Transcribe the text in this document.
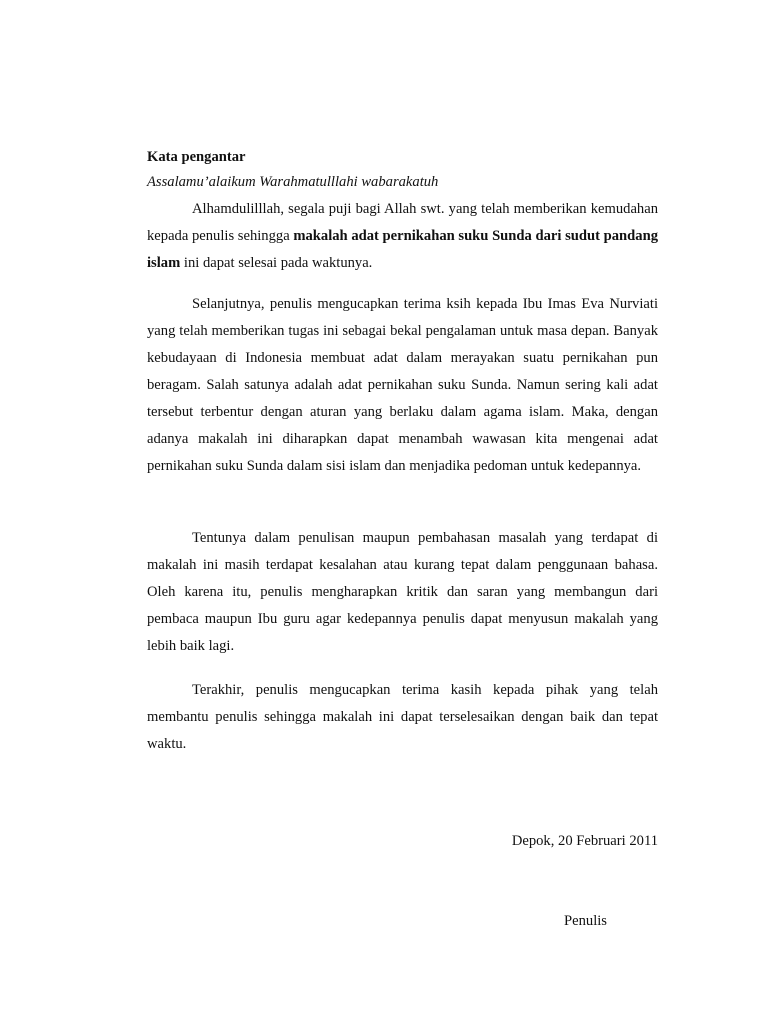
Kata pengantar
Assalamu’alaikum Warahmatulllahi wabarakatuh

Alhamdulilllah, segala puji bagi Allah swt. yang telah memberikan kemudahan kepada penulis sehingga makalah adat pernikahan suku Sunda dari sudut pandang islam ini dapat selesai pada waktunya.

Selanjutnya, penulis mengucapkan terima ksih kepada Ibu Imas Eva Nurviati yang telah memberikan tugas ini sebagai bekal pengalaman untuk masa depan. Banyak kebudayaan di Indonesia membuat adat dalam merayakan suatu pernikahan pun beragam. Salah satunya adalah adat pernikahan suku Sunda. Namun sering kali adat tersebut terbentur dengan aturan yang berlaku dalam agama islam. Maka, dengan adanya makalah ini diharapkan dapat menambah wawasan kita mengenai adat pernikahan suku Sunda dalam sisi islam dan menjadika pedoman untuk kedepannya.

Tentunya dalam penulisan maupun pembahasan masalah yang terdapat di makalah ini masih terdapat kesalahan atau kurang tepat dalam penggunaan bahasa. Oleh karena itu, penulis mengharapkan kritik dan saran yang membangun dari pembaca maupun Ibu guru agar kedepannya penulis dapat menyusun makalah yang lebih baik lagi.

Terakhir, penulis mengucapkan terima kasih kepada pihak yang telah membantu penulis sehingga makalah ini dapat terselesaikan dengan baik dan tepat waktu.

Depok, 20 Februari 2011
Penulis
